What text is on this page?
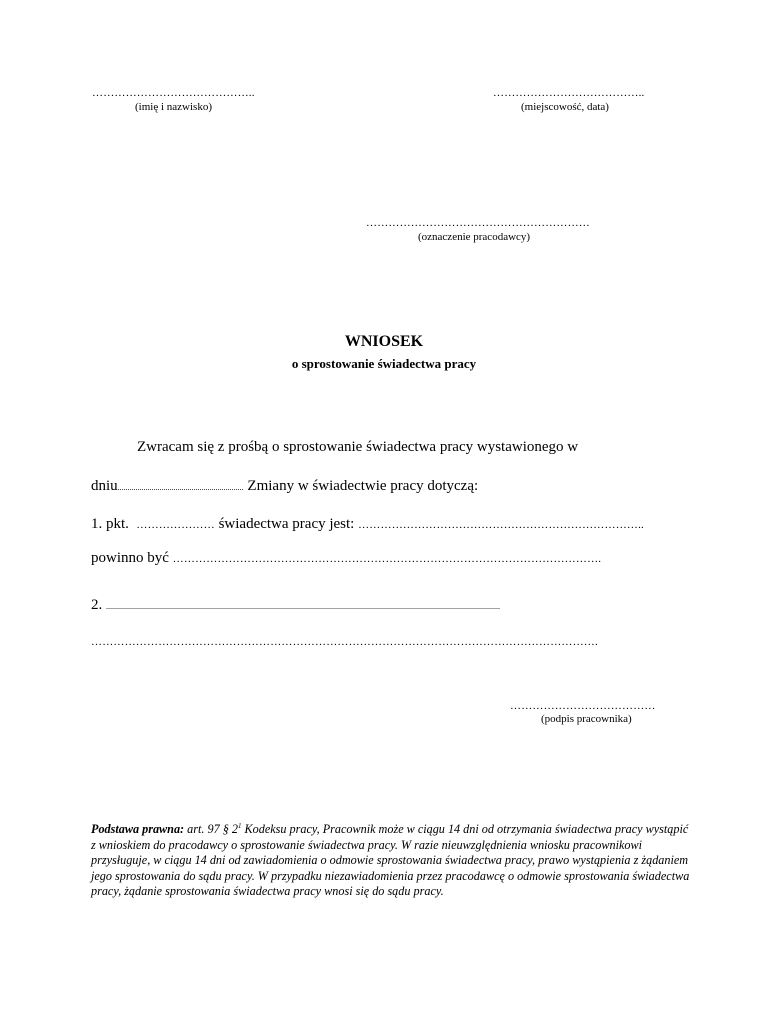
……………………………………..
(imię i nazwisko)
…………………………………..
(miejscowość, data)
……………………………………………………
(oznaczenie pracodawcy)
WNIOSEK
o sprostowanie świadectwa pracy
Zwracam się z prośbą o sprostowanie świadectwa pracy wystawionego w
dniu............................................................... Zmiany w świadectwie pracy dotyczą:
1. pkt. ………………… świadectwa pracy jest: …………………………………………………………………..
powinno być …………………………………………………………………………………………………….
2. .....................................................................................................................................................................................................
……………………………………………………………………………………………………………………….
…………………………………
(podpis pracownika)
Podstawa prawna: art. 97 § $2^1$ Kodeksu pracy, Pracownik może w ciągu 14 dni od otrzymania świadectwa pracy wystąpić z wnioskiem do pracodawcy o sprostowanie świadectwa pracy. W razie nieuwzględnienia wniosku pracownikowi przysługuje, w ciągu 14 dni od zawiadomienia o odmowie sprostowania świadectwa pracy, prawo wystąpienia z żądaniem jego sprostowania do sądu pracy. W przypadku niezawiadomienia przez pracodawcę o odmowie sprostowania świadectwa pracy, żądanie sprostowania świadectwa pracy wnosi się do sądu pracy.
